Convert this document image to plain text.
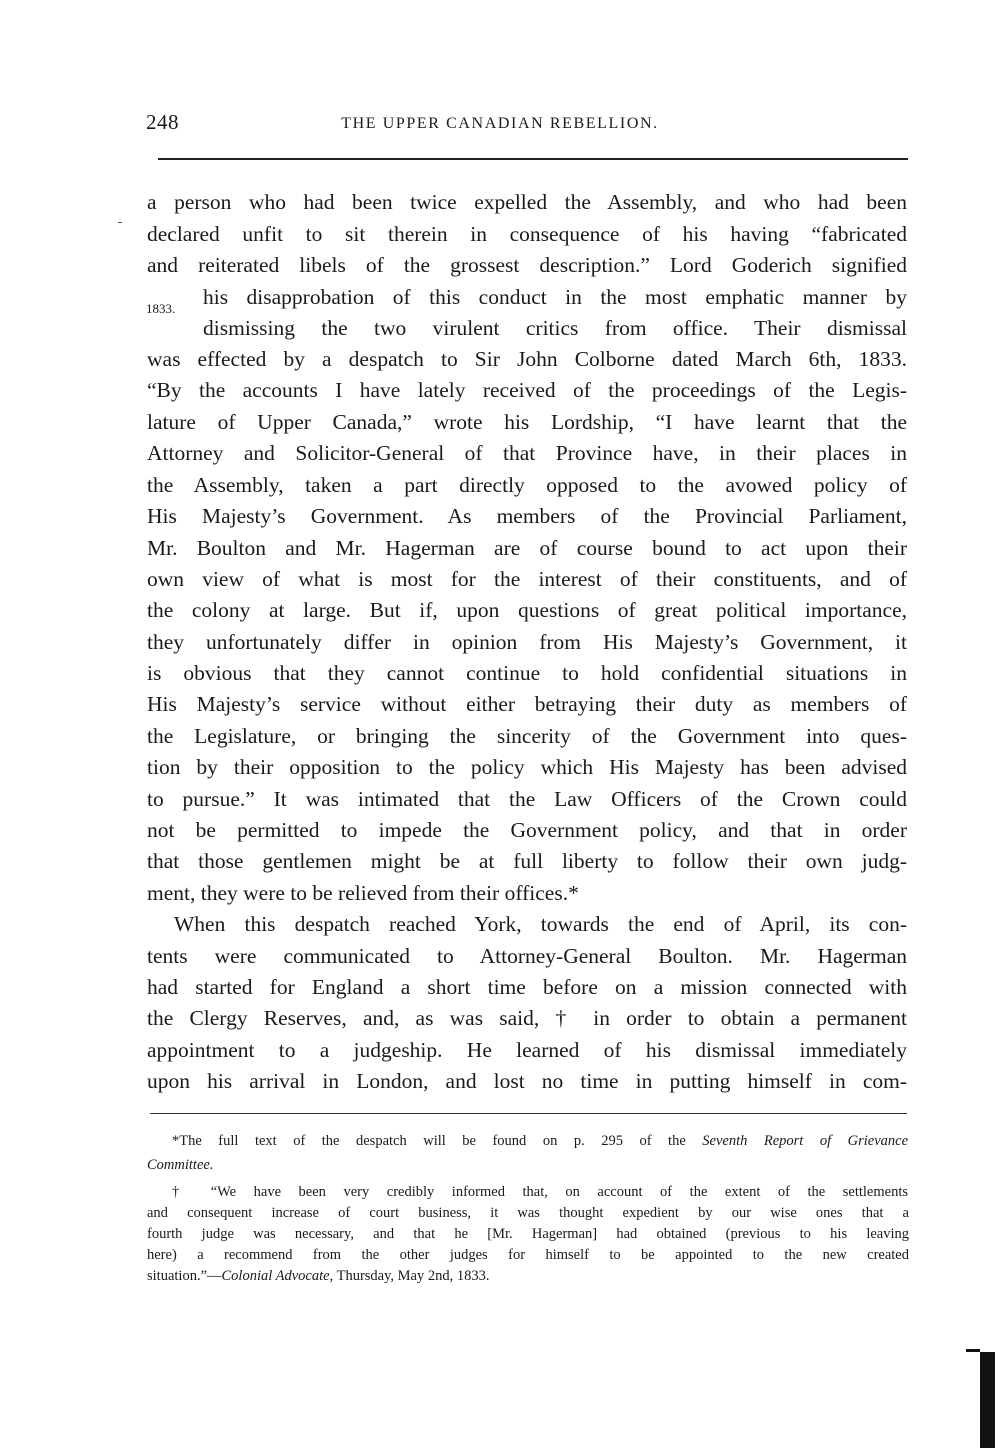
248	THE UPPER CANADIAN REBELLION.
1833.
a person who had been twice expelled the Assembly, and who had been
declared unfit to sit therein in consequence of his having “fabricated
and reiterated libels of the grossest description.” Lord Goderich signified
his disapprobation of this conduct in the most emphatic manner by
dismissing the two virulent critics from office. Their dismissal
was effected by a despatch to Sir John Colborne dated March 6th, 1833.
“By the accounts I have lately received of the proceedings of the Legis-
lature of Upper Canada,” wrote his Lordship, “I have learnt that the
Attorney and Solicitor-General of that Province have, in their places in
the Assembly, taken a part directly opposed to the avowed policy of
His Majesty’s Government. As members of the Provincial Parliament,
Mr. Boulton and Mr. Hagerman are of course bound to act upon their
own view of what is most for the interest of their constituents, and of
the colony at large. But if, upon questions of great political importance,
they unfortunately differ in opinion from His Majesty’s Government, it
is obvious that they cannot continue to hold confidential situations in
His Majesty’s service without either betraying their duty as members of
the Legislature, or bringing the sincerity of the Government into ques-
tion by their opposition to the policy which His Majesty has been advised
to pursue.” It was intimated that the Law Officers of the Crown could
not be permitted to impede the Government policy, and that in order
that those gentlemen might be at full liberty to follow their own judg-
ment, they were to be relieved from their offices.*
When this despatch reached York, towards the end of April, its con-
tents were communicated to Attorney-General Boulton. Mr. Hagerman
had started for England a short time before on a mission connected with
the Clergy Reserves, and, as was said, † in order to obtain a permanent
appointment to a judgeship. He learned of his dismissal immediately
upon his arrival in London, and lost no time in putting himself in com-
*The full text of the despatch will be found on p. 295 of the Seventh Report of Grievance
Committee.
† “We have been very credibly informed that, on account of the extent of the settlements
and consequent increase of court business, it was thought expedient by our wise ones that a
fourth judge was necessary, and that he [Mr. Hagerman] had obtained (previous to his leaving
here) a recommend from the other judges for himself to be appointed to the new created
situation.”—Colonial Advocate, Thursday, May 2nd, 1833.
